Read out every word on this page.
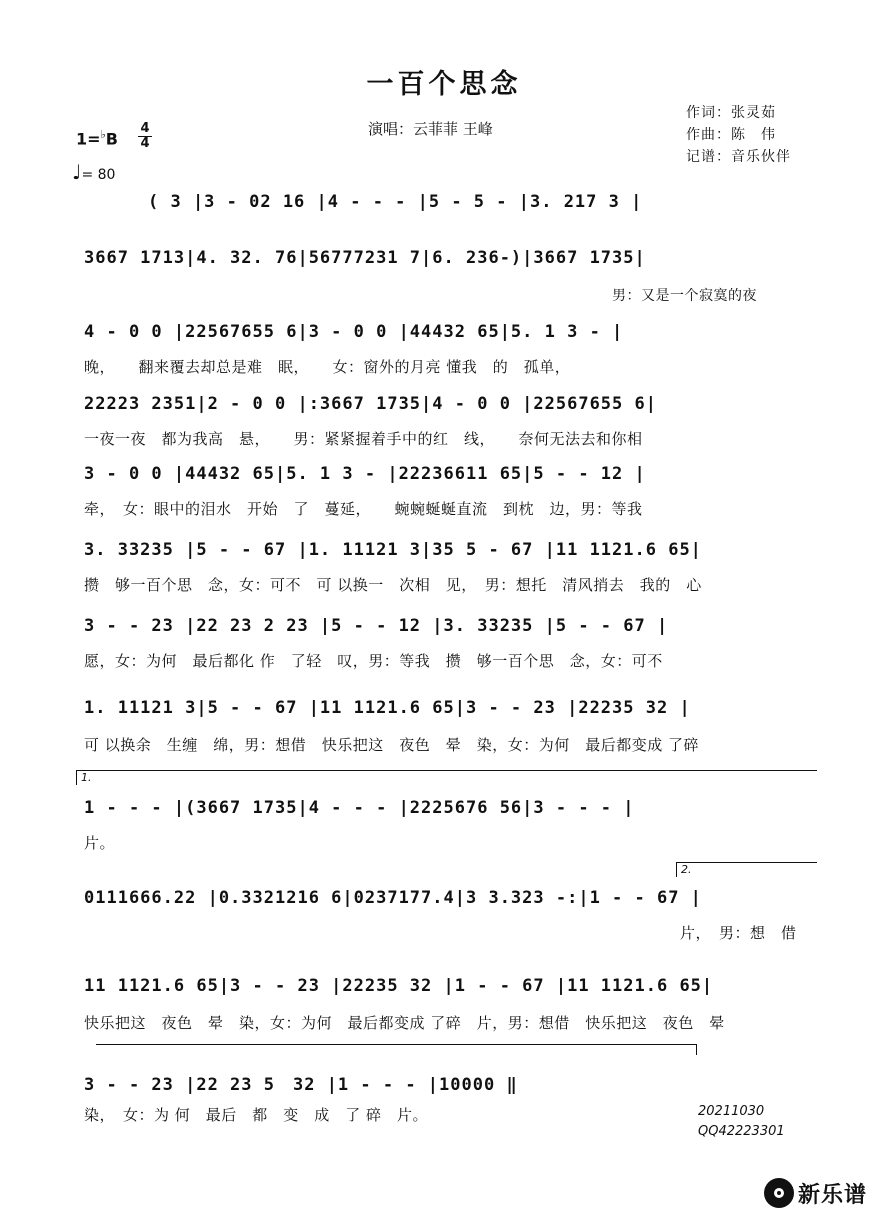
一百个思念
演唱：云菲菲 王峰
作词：张灵茹
作曲：陈　伟
记谱：音乐伙伴
1=♭B
4
4
♩= 80
( 3 |3 - 02 16 |4 - - - |5 - 5 - |3. 217 3 |
3667 1713|4. 32. 76|56777231 7|6. 236-)|3667 1735|
男：又是一个寂寞的夜
4 - 0 0 |22567655 6|3 - 0 0 |44432 65|5. 1 3 - |
晚，　　翻来覆去却总是难　眠，　　女：窗外的月亮 懂我　的　孤单，
22223 2351|2 - 0 0 |:3667 1735|4 - 0 0 |22567655 6|
一夜一夜　都为我高　悬，　　男：紧紧握着手中的红　线，　　奈何无法去和你相
3 - 0 0 |44432 65|5. 1 3 - |22236611 65|5 - - 12 |
牵，　女：眼中的泪水　开始　了　蔓延，　　蜿蜿蜒蜒直流　到枕　边，男：等我
3. 33235 |5 - - 67 |1. 11121 3|35 5 - 67 |11 1121.6 65|
攒　够一百个思　念，女：可不　可 以换一　次相　见，　男：想托　清风捎去　我的　心
3 - - 23 |22 23 2 23 |5 - - 12 |3. 33235 |5 - - 67 |
愿，女：为何　最后都化 作　了轻　叹，男：等我　攒　够一百个思　念，女：可不
1. 11121 3|5 - - 67 |11 1121.6 65|3 - - 23 |22235 32 |
可 以换余　生缠　绵，男：想借　快乐把这　夜色　晕　染，女：为何　最后都变成 了碎
1.
1 - - - |(3667 1735|4 - - - |2225676 56|3 - - - |
片。
2.
0111666.22 |0.3321216 6|0237177.4|3 3.323 -:|1 - - 67 |
片，　男：想　借
11 1121.6 65|3 - - 23 |22235 32 |1 - - 67 |11 1121.6 65|
快乐把这　夜色　晕　染，女：为何　最后都变成 了碎　片，男：想借　快乐把这　夜色　晕
3 - - 23 |22 23 5　32 |1 - - - |10000 ‖
染，　女：为 何　最后　都　变　成　了 碎　片。	20211030
QQ42223301
新乐谱
